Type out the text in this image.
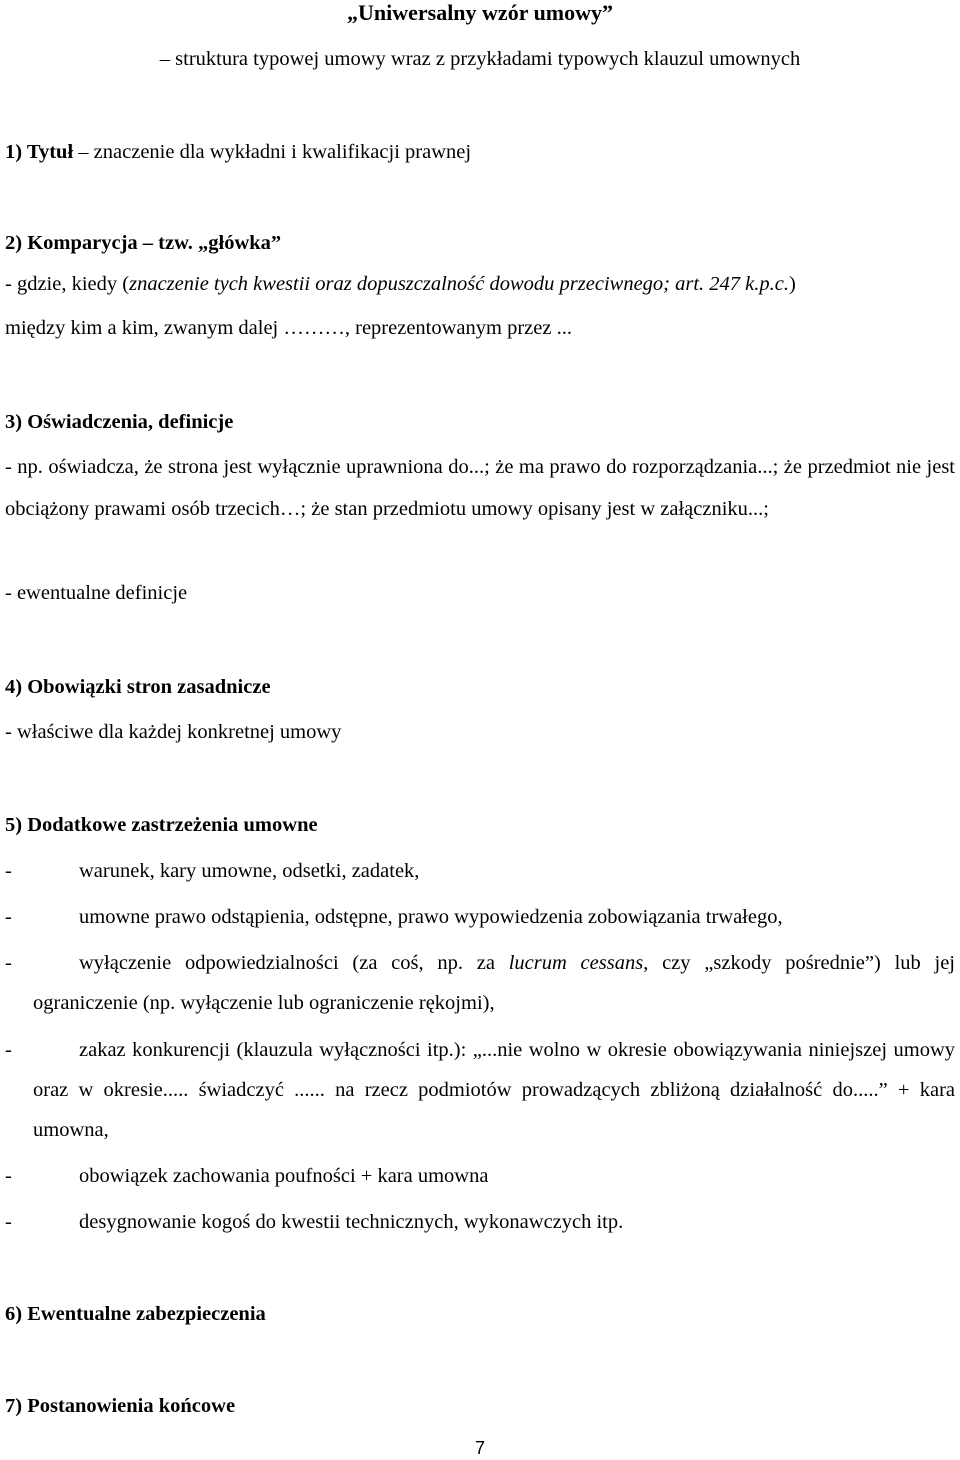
„Uniwersalny wzór umowy”
– struktura typowej umowy wraz z przykładami typowych klauzul umownych
1) Tytuł – znaczenie dla wykładni i kwalifikacji prawnej
2) Komparycja – tzw. „główka”
- gdzie, kiedy (znaczenie tych kwestii oraz dopuszczalność dowodu przeciwnego; art. 247 k.p.c.)
między kim a kim, zwanym dalej ………, reprezentowanym przez ...
3) Oświadczenia, definicje
- np. oświadcza, że strona jest wyłącznie uprawniona do...; że ma prawo do rozporządzania...; że przedmiot nie jest obciążony prawami osób trzecich…; że stan przedmiotu umowy opisany jest w załączniku...;
- ewentualne definicje
4) Obowiązki stron zasadnicze
- właściwe dla każdej konkretnej umowy
5) Dodatkowe zastrzeżenia umowne
-	warunek, kary umowne, odsetki, zadatek,
-	umowne prawo odstąpienia, odstępne, prawo wypowiedzenia zobowiązania trwałego,
-	wyłączenie odpowiedzialności (za coś, np. za lucrum cessans, czy „szkody pośrednie”) lub jej ograniczenie (np. wyłączenie lub ograniczenie rękojmi),
-	zakaz konkurencji (klauzula wyłączności itp.): „...nie wolno w okresie obowiązywania niniejszej umowy oraz w okresie..... świadczyć ...... na rzecz podmiotów prowadzących zbliżoną działalność do.....” + kara umowna,
-	obowiązek zachowania poufności + kara umowna
-	desygnowanie kogoś do kwestii technicznych, wykonawczych itp.
6) Ewentualne zabezpieczenia
7) Postanowienia końcowe
7
